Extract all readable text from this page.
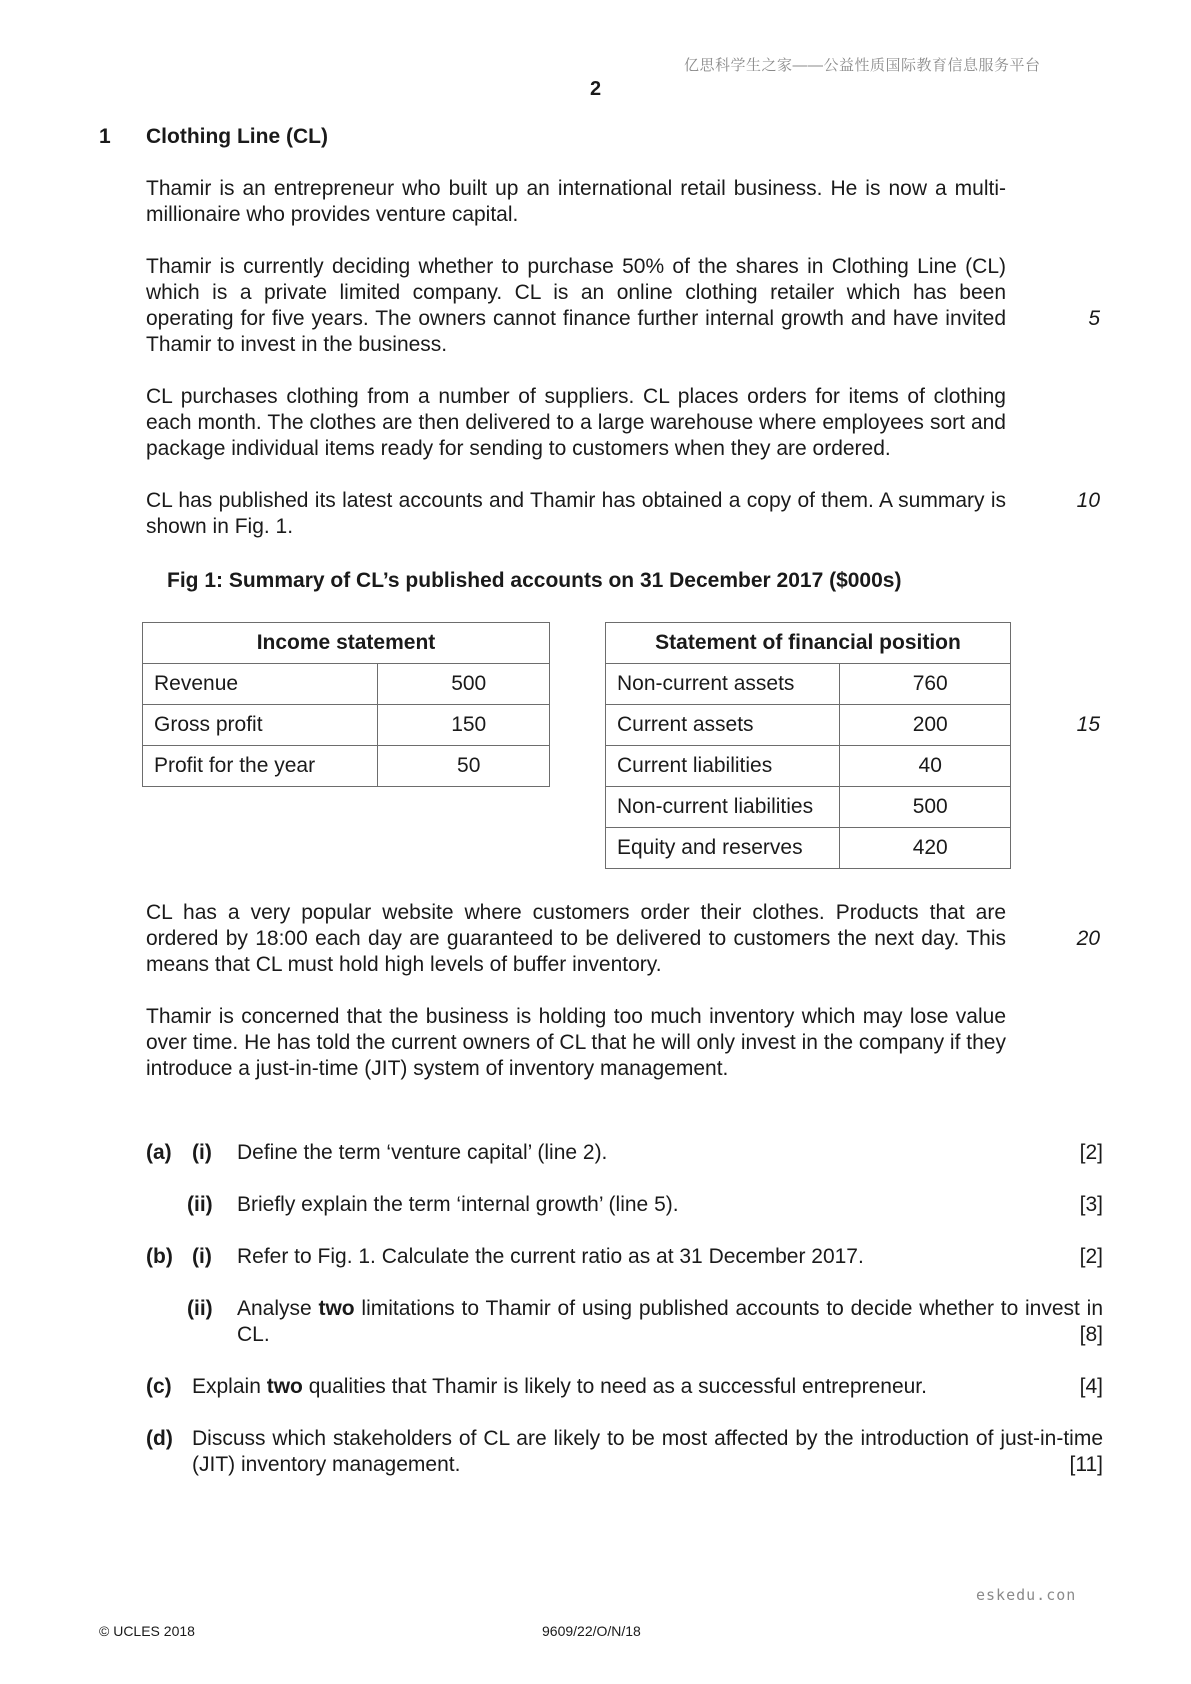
亿思科学生之家——公益性质国际教育信息服务平台
2
1 Clothing Line (CL)
Thamir is an entrepreneur who built up an international retail business. He is now a multi-millionaire who provides venture capital.
Thamir is currently deciding whether to purchase 50% of the shares in Clothing Line (CL) which is a private limited company. CL is an online clothing retailer which has been operating for five years. The owners cannot finance further internal growth and have invited Thamir to invest in the business.
CL purchases clothing from a number of suppliers. CL places orders for items of clothing each month. The clothes are then delivered to a large warehouse where employees sort and package individual items ready for sending to customers when they are ordered.
CL has published its latest accounts and Thamir has obtained a copy of them. A summary is shown in Fig. 1.
5
10
15
20
Fig 1: Summary of CL’s published accounts on 31 December 2017 ($000s)
Income statement	
Revenue	500
Gross profit	150
Profit for the year	50
Statement of financial position	
Non-current assets	760
Current assets	200
Current liabilities	40
Non-current liabilities	500
Equity and reserves	420
CL has a very popular website where customers order their clothes. Products that are ordered by 18:00 each day are guaranteed to be delivered to customers the next day. This means that CL must hold high levels of buffer inventory.
Thamir is concerned that the business is holding too much inventory which may lose value over time. He has told the current owners of CL that he will only invest in the company if they introduce a just-in-time (JIT) system of inventory management.
(a) (i) Define the term ‘venture capital’ (line 2).	[2]
(ii) Briefly explain the term ‘internal growth’ (line 5).	[3]
(b) (i) Refer to Fig. 1. Calculate the current ratio as at 31 December 2017.	[2]
(ii) Analyse two limitations to Thamir of using published accounts to decide whether to invest in CL.	[8]
(c) Explain two qualities that Thamir is likely to need as a successful entrepreneur.	[4]
(d) Discuss which stakeholders of CL are likely to be most affected by the introduction of just-in-time (JIT) inventory management.	[11]
eskedu.con
© UCLES 2018	9609/22/O/N/18
